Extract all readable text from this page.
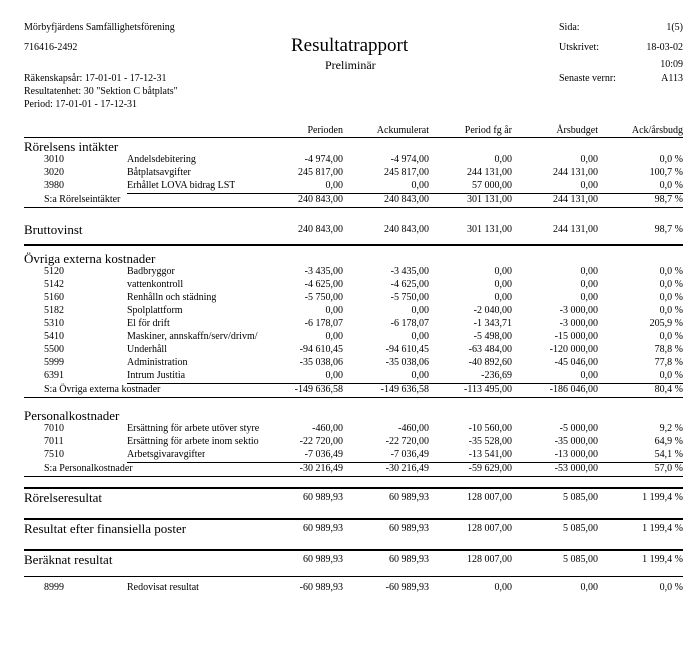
Mörbyfjärdens Samfällighetsförening
716416-2492	Resultatrapport
Preliminär
Räkenskapsår: 17-01-01 - 17-12-31
Resultatenhet: 30 "Sektion C båtplats"
Period: 17-01-01 - 17-12-31
Sida:	1(5)
Utskrivet:	18-03-02
10:09
Senaste vernr:	A113
Perioden	Ackumulerat	Period fg år	Årsbudget	Ack/årsbudg
Rörelsens intäkter
3010	Andelsdebitering	-4 974,00	-4 974,00	0,00	0,00	0,0 %
3020	Båtplatsavgifter	245 817,00	245 817,00	244 131,00	244 131,00	100,7 %
3980	Erhållet LOVA bidrag LST	0,00	0,00	57 000,00	0,00	0,0 %
S:a Rörelseintäkter	240 843,00	240 843,00	301 131,00	244 131,00	98,7 %
Övriga externa kostnader
5120	Badbryggor	-3 435,00	-3 435,00	0,00	0,00	0,0 %
5142	vattenkontroll	-4 625,00	-4 625,00	0,00	0,00	0,0 %
5160	Renhålln och städning	-5 750,00	-5 750,00	0,00	0,00	0,0 %
5182	Spolplattform	0,00	0,00	-2 040,00	-3 000,00	0,0 %
5310	El för drift	-6 178,07	-6 178,07	-1 343,71	-3 000,00	205,9 %
5410	Maskiner, annskaffn/serv/drivm/	0,00	0,00	-5 498,00	-15 000,00	0,0 %
5500	Underhåll	-94 610,45	-94 610,45	-63 484,00	-120 000,00	78,8 %
5999	Administration	-35 038,06	-35 038,06	-40 892,60	-45 046,00	77,8 %
6391	Intrum Justitia	0,00	0,00	-236,69	0,00	0,0 %
S:a Övriga externa kostnader	-149 636,58	-149 636,58	-113 495,00	-186 046,00	80,4 %
Personalkostnader
7010	Ersättning för arbete utöver styre	-460,00	-460,00	-10 560,00	-5 000,00	9,2 %
7011	Ersättning för arbete inom sektio	-22 720,00	-22 720,00	-35 528,00	-35 000,00	64,9 %
7510	Arbetsgivaravgifter	-7 036,49	-7 036,49	-13 541,00	-13 000,00	54,1 %
S:a Personalkostnader	-30 216,49	-30 216,49	-59 629,00	-53 000,00	57,0 %
Bruttovinst	240 843,00	240 843,00	301 131,00	244 131,00	98,7 %
Rörelseresultat	60 989,93	60 989,93	128 007,00	5 085,00	1 199,4 %
Resultat efter finansiella poster	60 989,93	60 989,93	128 007,00	5 085,00	1 199,4 %
Beräknat resultat	60 989,93	60 989,93	128 007,00	5 085,00	1 199,4 %
8999	Redovisat resultat	-60 989,93	-60 989,93	0,00	0,00	0,0 %
